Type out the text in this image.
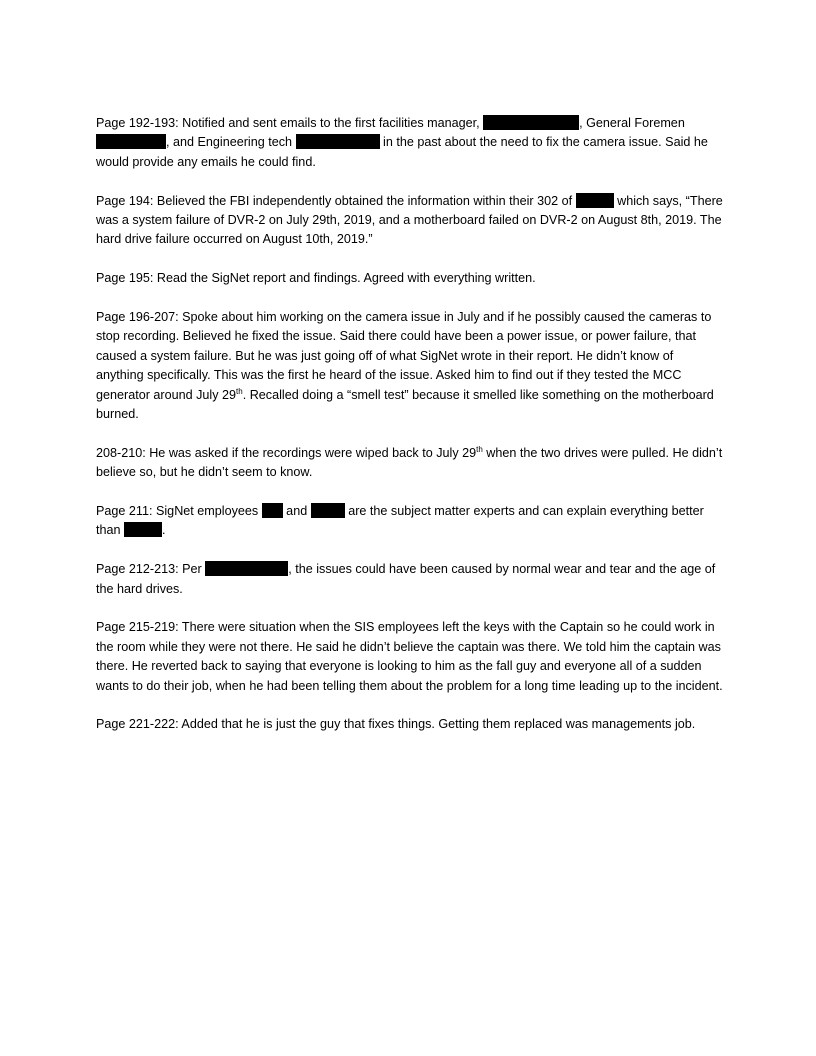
Page 192-193: Notified and sent emails to the first facilities manager,	, General Foremen , and Engineering tech	in the past about the need to fix the camera issue. Said he would provide any emails he could find.

Page 194: Believed the FBI independently obtained the information within their 302 of	which says, “There was a system failure of DVR-2 on July 29th, 2019, and a motherboard failed on DVR-2 on August 8th, 2019. The hard drive failure occurred on August 10th, 2019.”

Page 195: Read the SigNet report and findings. Agreed with everything written.

Page 196-207: Spoke about him working on the camera issue in July and if he possibly caused the cameras to stop recording. Believed he fixed the issue. Said there could have been a power issue, or power failure, that caused a system failure. But he was just going off of what SigNet wrote in their report. He didn’t know of anything specifically. This was the first he heard of the issue. Asked him to find out if they tested the MCC generator around July 29th. Recalled doing a “smell test” because it smelled like something on the motherboard burned.

208-210: He was asked if the recordings were wiped back to July 29th when the two drives were pulled. He didn’t believe so, but he didn’t seem to know.

Page 211: SigNet employees  and	are the subject matter experts and can explain everything better than	.

Page 212-213: Per	, the issues could have been caused by normal wear and tear and the age of the hard drives.

Page 215-219: There were situation when the SIS employees left the keys with the Captain so he could work in the room while they were not there. He said he didn’t believe the captain was there. We told him the captain was there. He reverted back to saying that everyone is looking to him as the fall guy and everyone all of a sudden wants to do their job, when he had been telling them about the problem for a long time leading up to the incident.

Page 221-222: Added that he is just the guy that fixes things. Getting them replaced was managements job.
